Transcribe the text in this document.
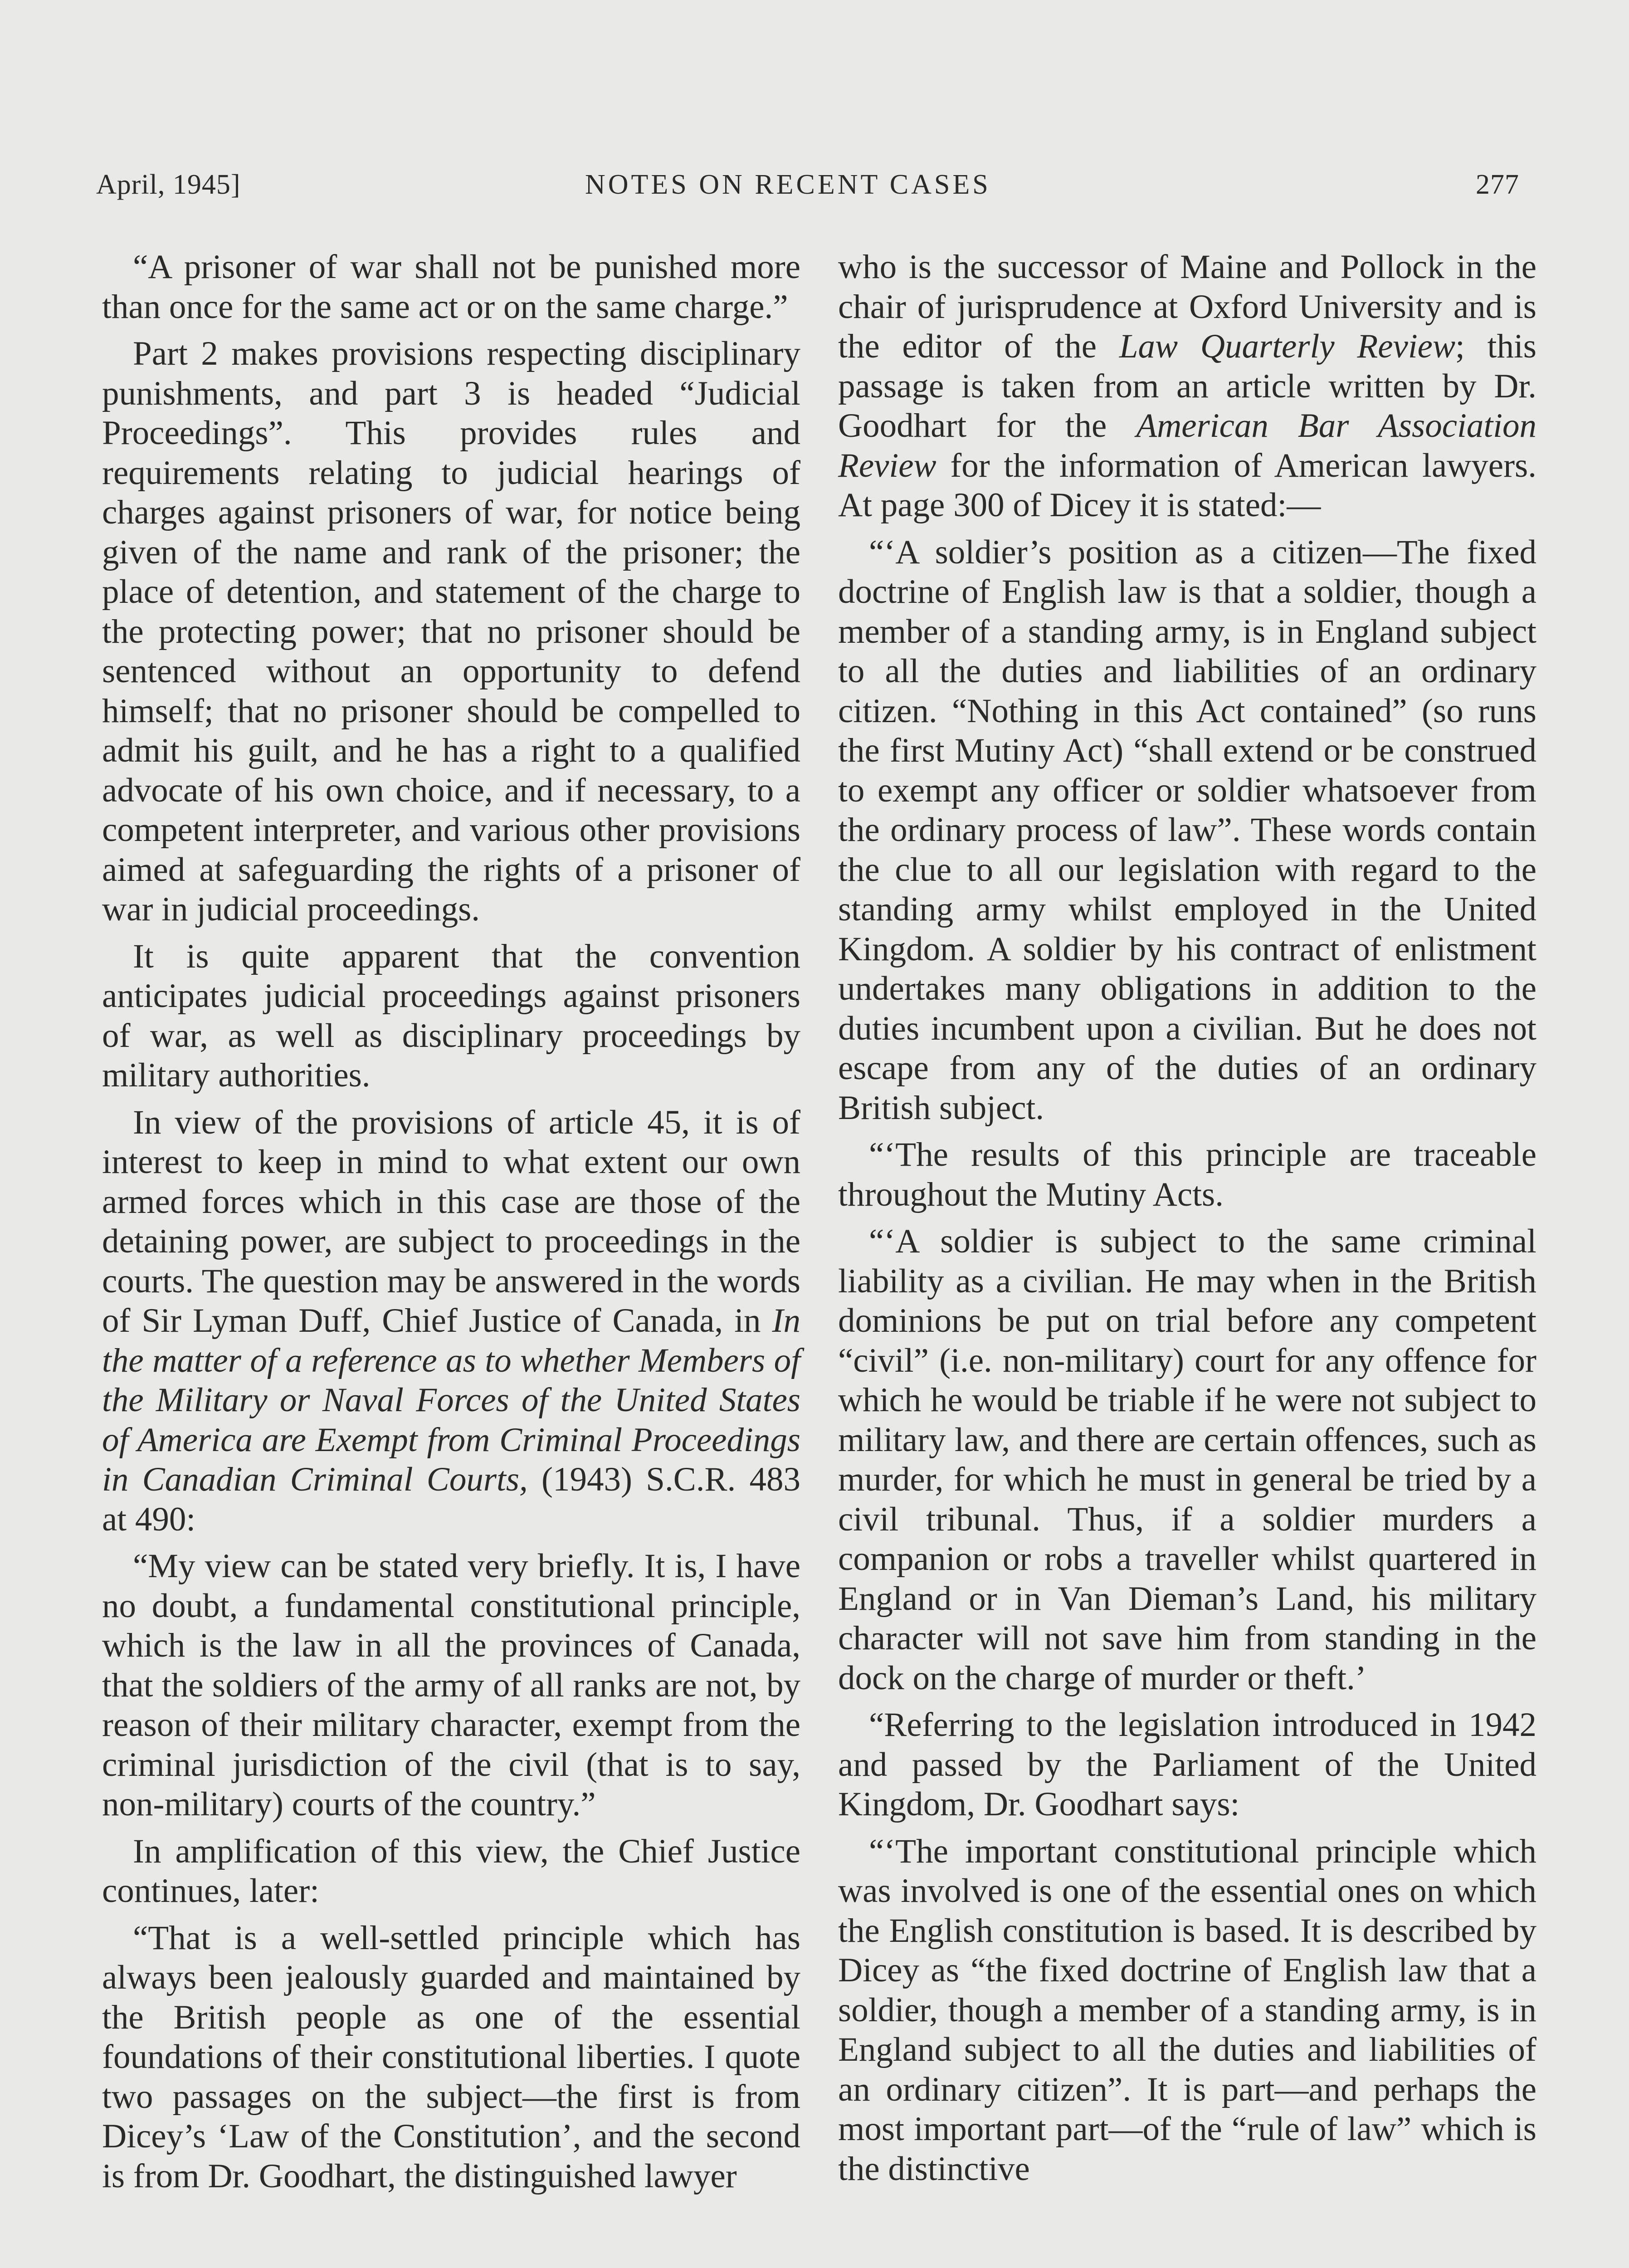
April, 1945]	NOTES ON RECENT CASES	277

“A prisoner of war shall not be punished more than once for the same act or on the same charge.”

Part 2 makes provisions respecting disciplinary punishments, and part 3 is headed “Judicial Proceedings”. This provides rules and requirements relating to judicial hearings of charges against prisoners of war, for notice being given of the name and rank of the prisoner; the place of detention, and statement of the charge to the protecting power; that no prisoner should be sentenced without an opportunity to defend himself; that no prisoner should be compelled to admit his guilt, and he has a right to a qualified advocate of his own choice, and if necessary, to a competent interpreter, and various other provisions aimed at safeguarding the rights of a prisoner of war in judicial proceedings.

It is quite apparent that the convention anticipates judicial proceedings against prisoners of war, as well as disciplinary proceedings by military authorities.

In view of the provisions of article 45, it is of interest to keep in mind to what extent our own armed forces which in this case are those of the detaining power, are subject to proceedings in the courts. The question may be answered in the words of Sir Lyman Duff, Chief Justice of Canada, in In the matter of a reference as to whether Members of the Military or Naval Forces of the United States of America are Exempt from Criminal Proceedings in Canadian Criminal Courts, (1943) S.C.R. 483 at 490:

“My view can be stated very briefly. It is, I have no doubt, a fundamental constitutional principle, which is the law in all the provinces of Canada, that the soldiers of the army of all ranks are not, by reason of their military character, exempt from the criminal jurisdiction of the civil (that is to say, non-military) courts of the country.”

In amplification of this view, the Chief Justice continues, later:

“That is a well-settled principle which has always been jealously guarded and maintained by the British people as one of the essential foundations of their constitutional liberties. I quote two passages on the subject—the first is from Dicey’s ‘Law of the Constitution’, and the second is from Dr. Goodhart, the distinguished lawyer

who is the successor of Maine and Pollock in the chair of jurisprudence at Oxford University and is the editor of the Law Quarterly Review; this passage is taken from an article written by Dr. Goodhart for the American Bar Association Review for the information of American lawyers. At page 300 of Dicey it is stated:—

“‘A soldier’s position as a citizen—The fixed doctrine of English law is that a soldier, though a member of a standing army, is in England subject to all the duties and liabilities of an ordinary citizen. “Nothing in this Act contained” (so runs the first Mutiny Act) “shall extend or be construed to exempt any officer or soldier whatsoever from the ordinary process of law”. These words contain the clue to all our legislation with regard to the standing army whilst employed in the United Kingdom. A soldier by his contract of enlistment undertakes many obligations in addition to the duties incumbent upon a civilian. But he does not escape from any of the duties of an ordinary British subject.

“‘The results of this principle are traceable throughout the Mutiny Acts.

“‘A soldier is subject to the same criminal liability as a civilian. He may when in the British dominions be put on trial before any competent “civil” (i.e. non-military) court for any offence for which he would be triable if he were not subject to military law, and there are certain offences, such as murder, for which he must in general be tried by a civil tribunal. Thus, if a soldier murders a companion or robs a traveller whilst quartered in England or in Van Dieman’s Land, his military character will not save him from standing in the dock on the charge of murder or theft.’

“Referring to the legislation introduced in 1942 and passed by the Parliament of the United Kingdom, Dr. Goodhart says:

“‘The important constitutional principle which was involved is one of the essential ones on which the English constitution is based. It is described by Dicey as “the fixed doctrine of English law that a soldier, though a member of a standing army, is in England subject to all the duties and liabilities of an ordinary citizen”. It is part—and perhaps the most important part—of the “rule of law” which is the distinctive
